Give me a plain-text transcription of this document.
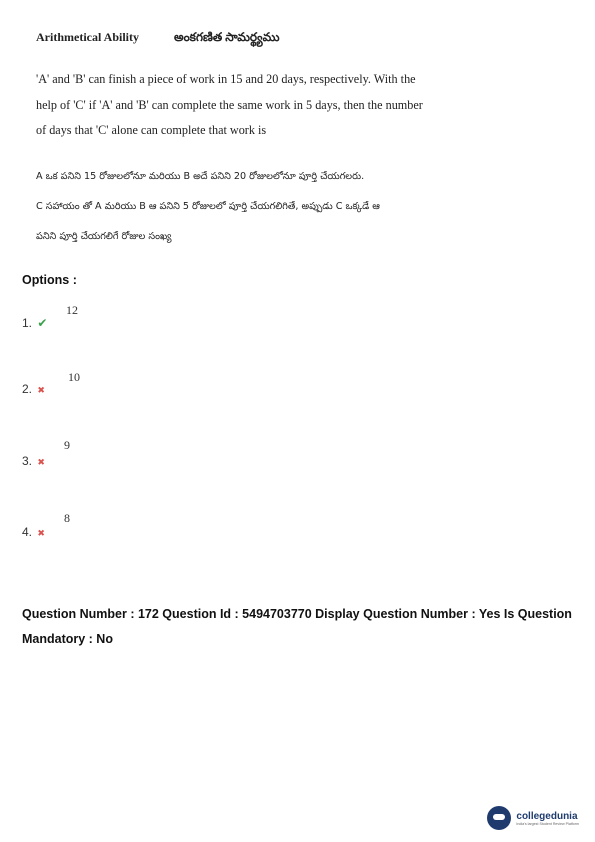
Arithmetical Ability	అంకగణిత సామర్థ్యము
'A' and 'B' can finish a piece of work in 15 and 20 days, respectively. With the
help of 'C' if 'A' and 'B' can complete the same work in 5 days, then the number
of days that 'C' alone can complete that work is
A ఒక పనిని 15 రోజులలోనూ మరియు B అదే పనిని 20 రోజులలోనూ పూర్తి చేయగలరు.
C సహాయం తో A మరియు B ఆ పనిని 5 రోజులలో పూర్తి చేయగలిగితే, అప్పుడు C ఒక్కడే ఆ
పనిని పూర్తి చేయగలిగే రోజుల సంఖ్య
Options :
12
1. ✔
10
2. ✖
9
3. ✖
8
4. ✖
Question Number : 172 Question Id : 5494703770 Display Question Number : Yes Is Question
Mandatory : No
collegedunia
India's largest Student Review Platform
